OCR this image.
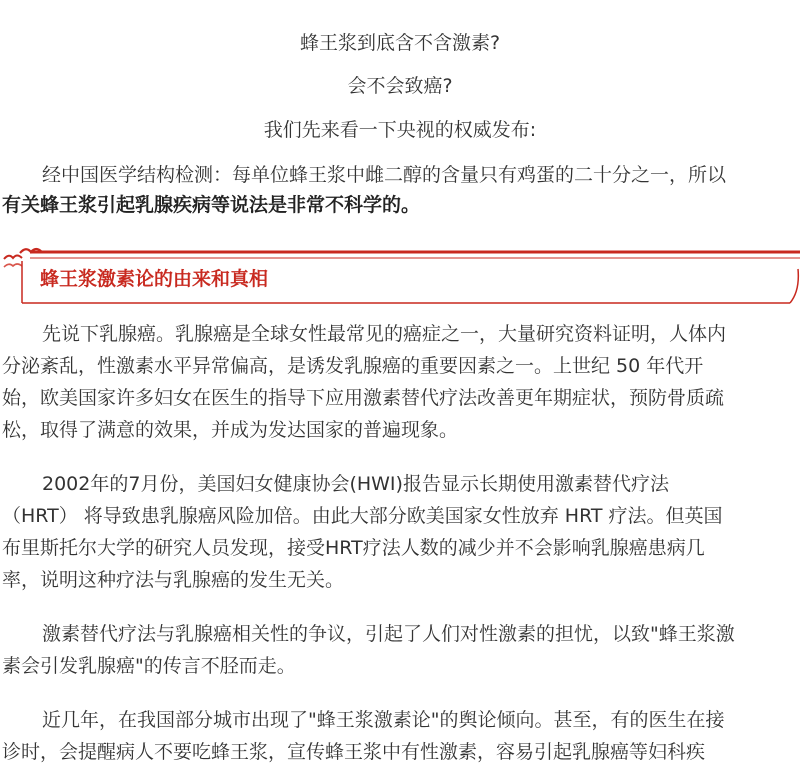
蜂王浆到底含不含激素?
会不会致癌?
我们先来看一下央视的权威发布:
经中国医学结构检测：每单位蜂王浆中雌二醇的含量只有鸡蛋的二十分之一，所以
有关蜂王浆引起乳腺疾病等说法是非常不科学的。
蜂王浆激素论的由来和真相
先说下乳腺癌。乳腺癌是全球女性最常见的癌症之一，大量研究资料证明，人体内
分泌紊乱，性激素水平异常偏高，是诱发乳腺癌的重要因素之一。上世纪 50 年代开
始，欧美国家许多妇女在医生的指导下应用激素替代疗法改善更年期症状，预防骨质疏
松，取得了满意的效果，并成为发达国家的普遍现象。
2002年的7月份，美国妇女健康协会(HWI)报告显示长期使用激素替代疗法
（HRT） 将导致患乳腺癌风险加倍。由此大部分欧美国家女性放弃 HRT 疗法。但英国
布里斯托尔大学的研究人员发现，接受HRT疗法人数的减少并不会影响乳腺癌患病几
率，说明这种疗法与乳腺癌的发生无关。
激素替代疗法与乳腺癌相关性的争议，引起了人们对性激素的担忧，以致"蜂王浆激
素会引发乳腺癌"的传言不胫而走。
近几年，在我国部分城市出现了"蜂王浆激素论"的舆论倾向。甚至，有的医生在接
诊时，会提醒病人不要吃蜂王浆，宣传蜂王浆中有性激素，容易引起乳腺癌等妇科疾
